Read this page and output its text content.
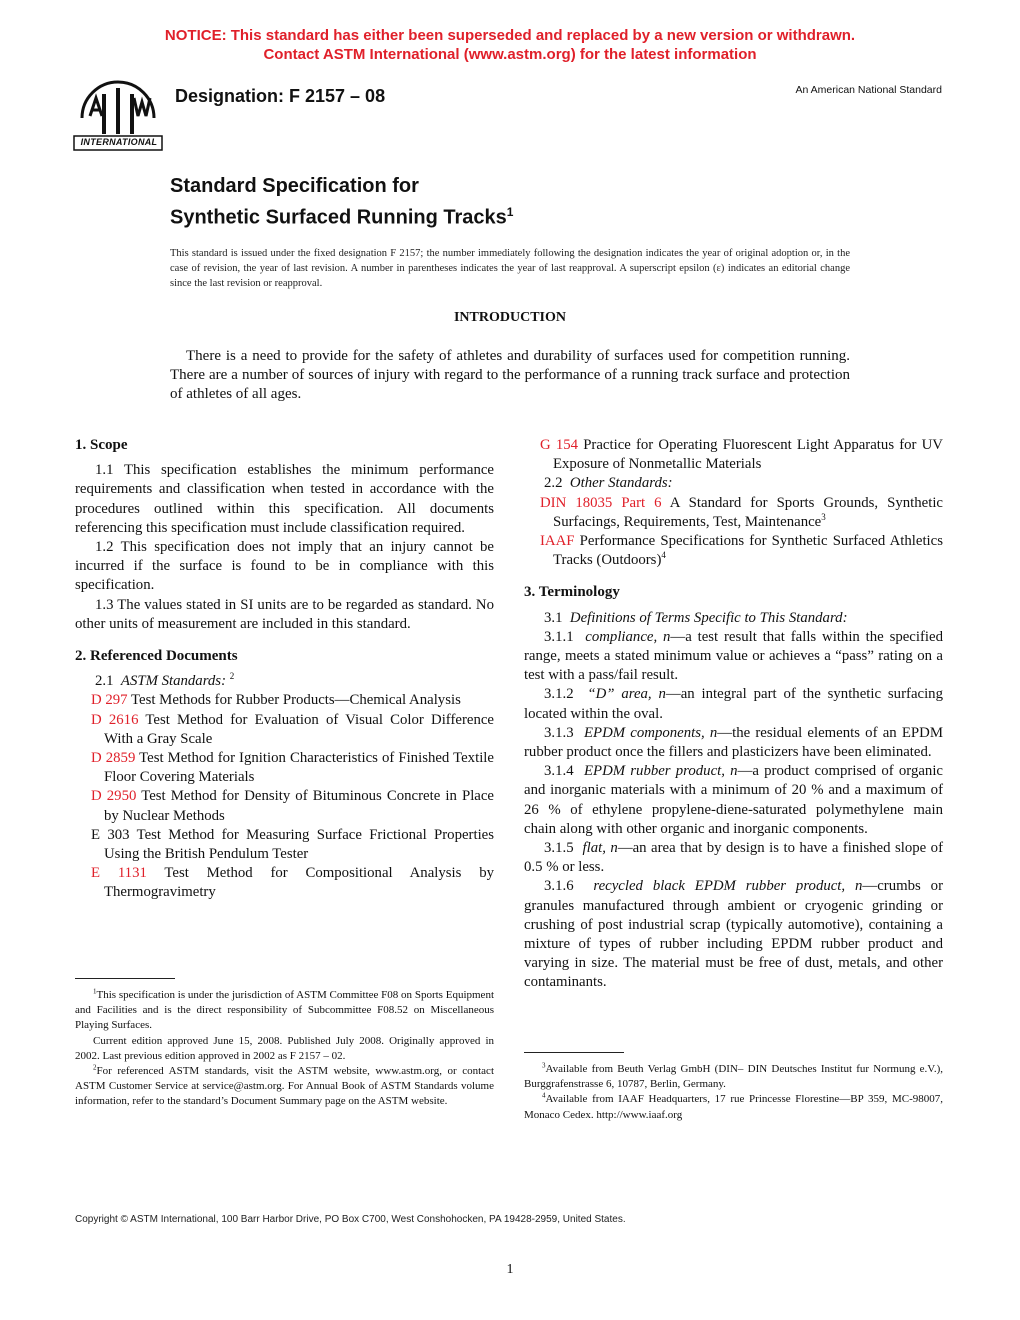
NOTICE: This standard has either been superseded and replaced by a new version or withdrawn.
Contact ASTM International (www.astm.org) for the latest information
INTERNATIONAL
Designation: F 2157 – 08	An American National Standard
Standard Specification for
Synthetic Surfaced Running Tracks$^1$
This standard is issued under the fixed designation F 2157; the number immediately following the designation indicates the year of original adoption or, in the case of revision, the year of last revision. A number in parentheses indicates the year of last reapproval. A superscript epsilon (ε) indicates an editorial change since the last revision or reapproval.
INTRODUCTION
There is a need to provide for the safety of athletes and durability of surfaces used for competition running. There are a number of sources of injury with regard to the performance of a running track surface and protection of athletes of all ages.
1. Scope

1.1 This specification establishes the minimum performance requirements and classification when tested in accordance with the procedures outlined within this specification. All documents referencing this specification must include classification required.

1.2 This specification does not imply that an injury cannot be incurred if the surface is found to be in compliance with this specification.

1.3 The values stated in SI units are to be regarded as standard. No other units of measurement are included in this standard.

2. Referenced Documents

2.1 ASTM Standards: $^2$

D 297 Test Methods for Rubber Products—Chemical Analysis
D 2616 Test Method for Evaluation of Visual Color Difference With a Gray Scale
D 2859 Test Method for Ignition Characteristics of Finished Textile Floor Covering Materials
D 2950 Test Method for Density of Bituminous Concrete in Place by Nuclear Methods
E 303 Test Method for Measuring Surface Frictional Properties Using the British Pendulum Tester
E 1131 Test Method for Compositional Analysis by Thermogravimetry
G 154 Practice for Operating Fluorescent Light Apparatus for UV Exposure of Nonmetallic Materials

2.2 Other Standards:

DIN 18035 Part 6 A Standard for Sports Grounds, Synthetic Surfacings, Requirements, Test, Maintenance$^3$
IAAF Performance Specifications for Synthetic Surfaced Athletics Tracks (Outdoors)$^4$
3. Terminology

3.1 Definitions of Terms Specific to This Standard:

3.1.1 compliance, n—a test result that falls within the specified range, meets a stated minimum value or achieves a “pass” rating on a test with a pass/fail result.

3.1.2 “D” area, n—an integral part of the synthetic surfacing located within the oval.

3.1.3 EPDM components, n—the residual elements of an EPDM rubber product once the fillers and plasticizers have been eliminated.

3.1.4 EPDM rubber product, n—a product comprised of organic and inorganic materials with a minimum of 20 % and a maximum of 26 % of ethylene propylene-diene-saturated polymethylene main chain along with other organic and inorganic components.

3.1.5 flat, n—an area that by design is to have a finished slope of 0.5 % or less.

3.1.6 recycled black EPDM rubber product, n—crumbs or granules manufactured through ambient or cryogenic grinding or crushing of post industrial scrap (typically automotive), containing a mixture of types of rubber including EPDM rubber product and varying in size. The material must be free of dust, metals, and other contaminants.

$^1$This specification is under the jurisdiction of ASTM Committee F08 on Sports Equipment and Facilities and is the direct responsibility of Subcommittee F08.52 on Miscellaneous Playing Surfaces.

Current edition approved June 15, 2008. Published July 2008. Originally approved in 2002. Last previous edition approved in 2002 as F 2157 – 02.

$^2$For referenced ASTM standards, visit the ASTM website, www.astm.org, or contact ASTM Customer Service at service@astm.org. For Annual Book of ASTM Standards volume information, refer to the standard’s Document Summary page on the ASTM website.

$^3$Available from Beuth Verlag GmbH (DIN– DIN Deutsches Institut fur Normung e.V.), Burggrafenstrasse 6, 10787, Berlin, Germany.

$^4$Available from IAAF Headquarters, 17 rue Princesse Florestine—BP 359, MC-98007, Monaco Cedex. http://www.iaaf.org

Copyright © ASTM International, 100 Barr Harbor Drive, PO Box C700, West Conshohocken, PA 19428-2959, United States.
1
